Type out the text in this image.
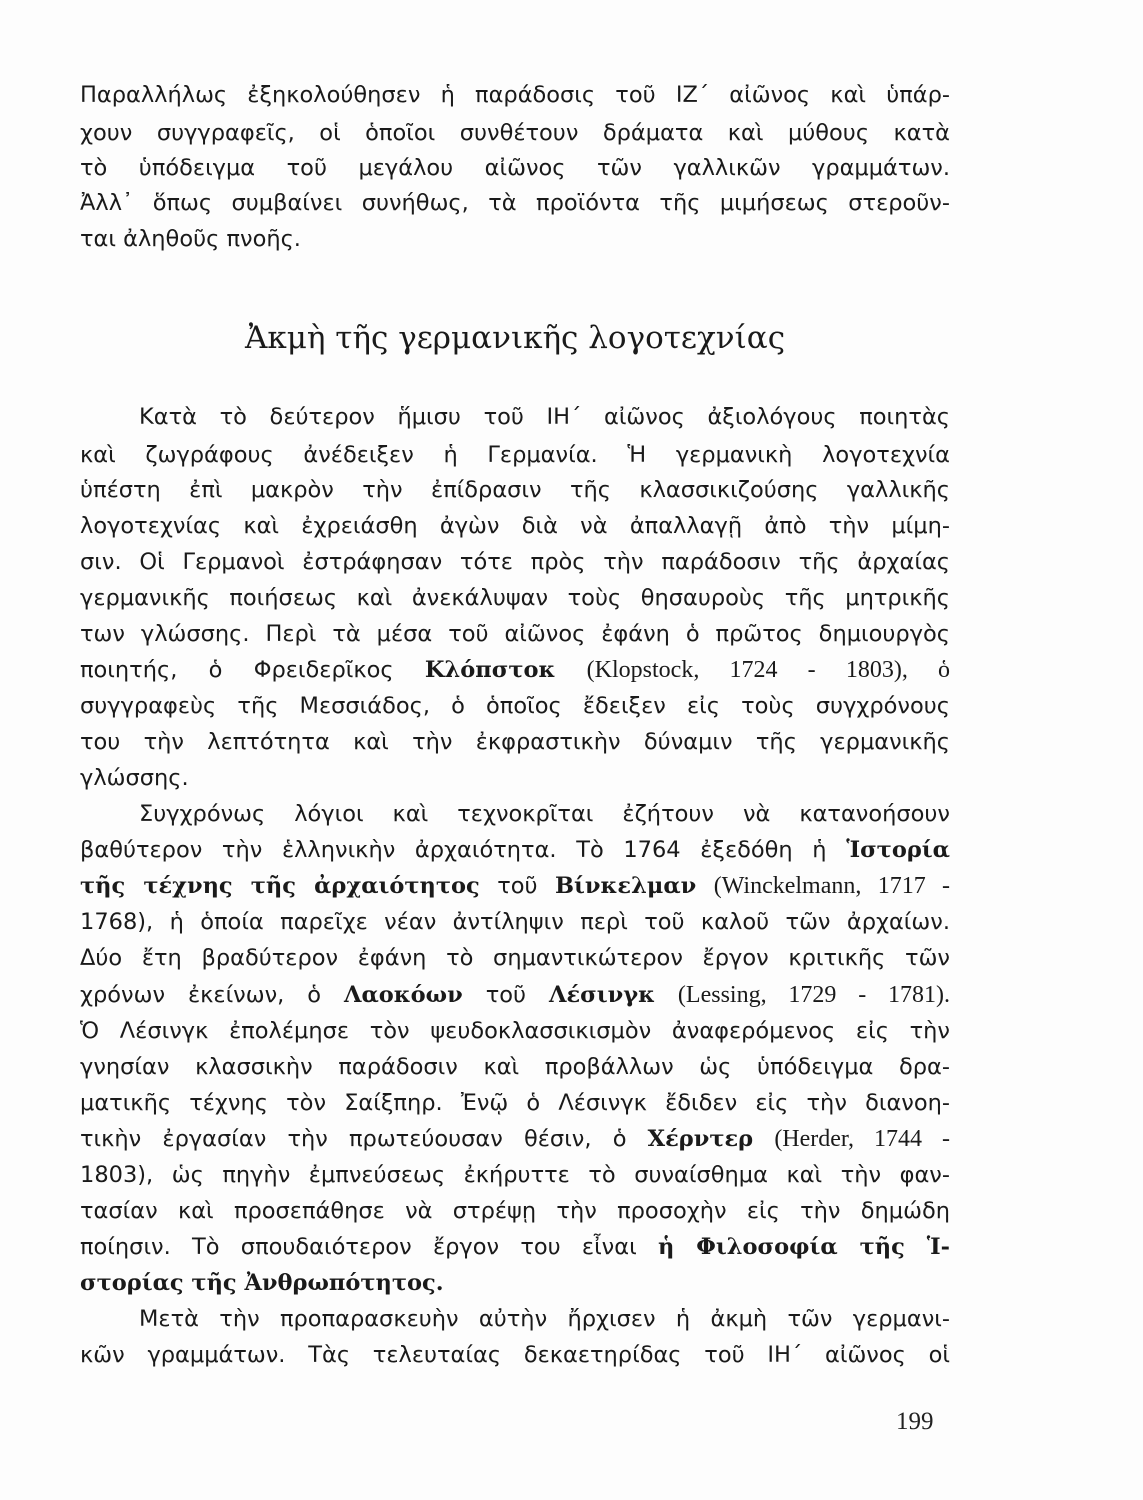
Παραλλήλως ἐξηκολούθησεν ἡ παράδοσις τοῦ ΙΖ΄ αἰῶνος καὶ ὑπάρ-
χουν συγγραφεῖς, οἱ ὁποῖοι συνθέτουν δράματα καὶ μύθους κατὰ
τὸ ὑπόδειγμα τοῦ μεγάλου αἰῶνος τῶν γαλλικῶν γραμμάτων.
Ἀλλ᾽ ὅπως συμβαίνει συνήθως, τὰ προϊόντα τῆς μιμήσεως στεροῦν-
ται ἀληθοῦς πνοῆς.
Ἀκμὴ τῆς γερμανικῆς λογοτεχνίας
Κατὰ τὸ δεύτερον ἥμισυ τοῦ ΙΗ΄ αἰῶνος ἀξιολόγους ποιητὰς
καὶ ζωγράφους ἀνέδειξεν ἡ Γερμανία. Ἡ γερμανικὴ λογοτεχνία
ὑπέστη ἐπὶ μακρὸν τὴν ἐπίδρασιν τῆς κλασσικιζούσης γαλλικῆς
λογοτεχνίας καὶ ἐχρειάσθη ἀγὼν διὰ νὰ ἀπαλλαγῇ ἀπὸ τὴν μίμη-
σιν. Οἱ Γερμανοὶ ἐστράφησαν τότε πρὸς τὴν παράδοσιν τῆς ἀρχαίας
γερμανικῆς ποιήσεως καὶ ἀνεκάλυψαν τοὺς θησαυροὺς τῆς μητρικῆς
των γλώσσης. Περὶ τὰ μέσα τοῦ αἰῶνος ἐφάνη ὁ πρῶτος δημιουργὸς
ποιητής, ὁ Φρειδερῖκος Κλόπστοκ (Klopstock, 1724 - 1803), ὁ
συγγραφεὺς τῆς Μεσσιάδος, ὁ ὁποῖος ἔδειξεν εἰς τοὺς συγχρόνους
του τὴν λεπτότητα καὶ τὴν ἐκφραστικὴν δύναμιν τῆς γερμανικῆς
γλώσσης.
Συγχρόνως λόγιοι καὶ τεχνοκρῖται ἐζήτουν νὰ κατανοήσουν
βαθύτερον τὴν ἑλληνικὴν ἀρχαιότητα. Τὸ 1764 ἐξεδόθη ἡ Ἱστορία
τῆς τέχνης τῆς ἀρχαιότητος τοῦ Βίνκελμαν (Winckelmann, 1717 -
1768), ἡ ὁποία παρεῖχε νέαν ἀντίληψιν περὶ τοῦ καλοῦ τῶν ἀρχαίων.
Δύο ἔτη βραδύτερον ἐφάνη τὸ σημαντικώτερον ἔργον κριτικῆς τῶν
χρόνων ἐκείνων, ὁ Λαοκόων τοῦ Λέσινγκ (Lessing, 1729 - 1781).
Ὁ Λέσινγκ ἐπολέμησε τὸν ψευδοκλασσικισμὸν ἀναφερόμενος εἰς τὴν
γνησίαν κλασσικὴν παράδοσιν καὶ προβάλλων ὡς ὑπόδειγμα δρα-
ματικῆς τέχνης τὸν Σαίξπηρ. Ἐνῷ ὁ Λέσινγκ ἔδιδεν εἰς τὴν διανοη-
τικὴν ἐργασίαν τὴν πρωτεύουσαν θέσιν, ὁ Χέρντερ (Herder, 1744 -
1803), ὡς πηγὴν ἐμπνεύσεως ἐκήρυττε τὸ συναίσθημα καὶ τὴν φαν-
τασίαν καὶ προσεπάθησε νὰ στρέψῃ τὴν προσοχὴν εἰς τὴν δημώδη
ποίησιν. Τὸ σπουδαιότερον ἔργον του εἶναι ἡ Φιλοσοφία τῆς Ἱ-
στορίας τῆς Ἀνθρωπότητος.
Μετὰ τὴν προπαρασκευὴν αὐτὴν ἤρχισεν ἡ ἀκμὴ τῶν γερμανι-
κῶν γραμμάτων. Τὰς τελευταίας δεκαετηρίδας τοῦ ΙΗ΄ αἰῶνος οἱ
199
